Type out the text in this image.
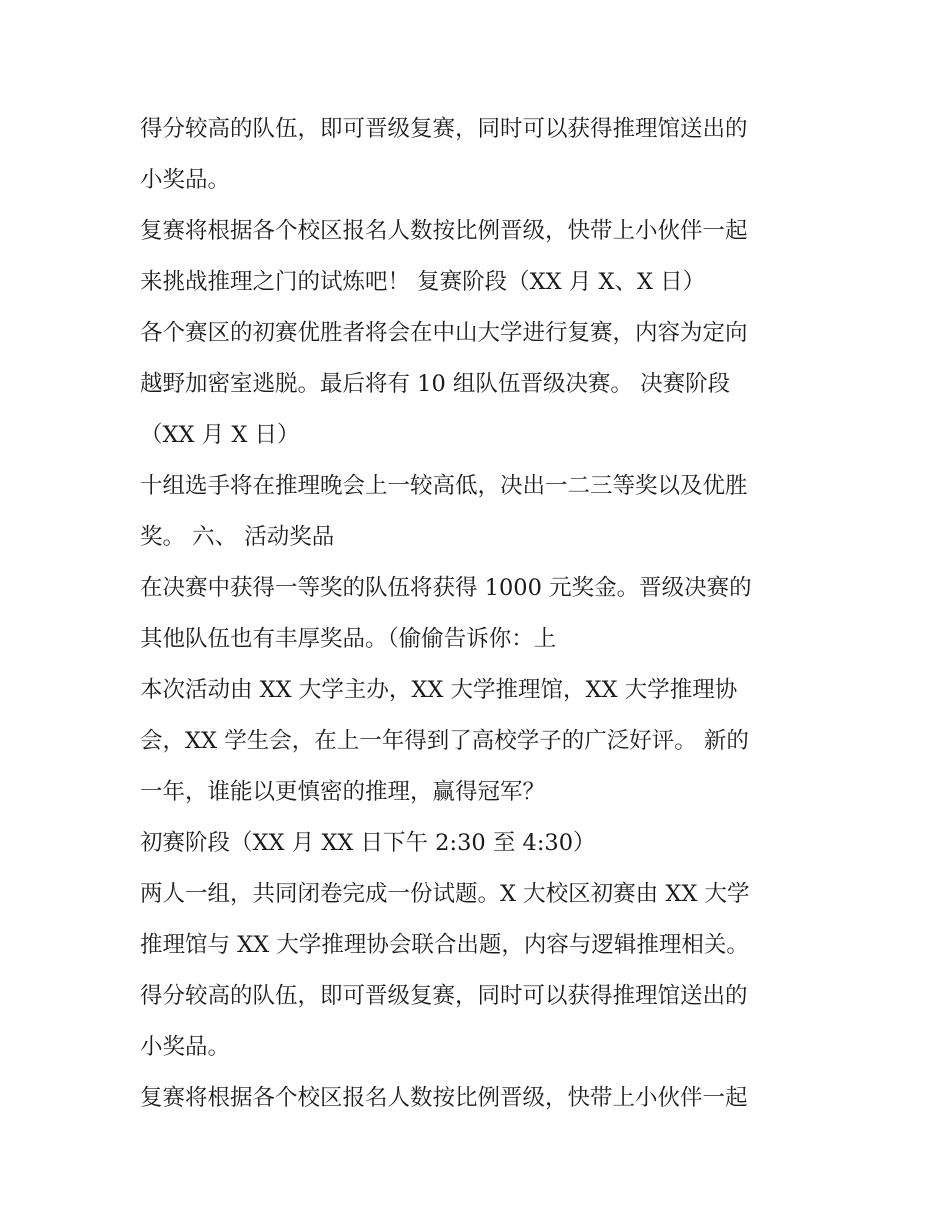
得分较高的队伍，即可晋级复赛，同时可以获得推理馆送出的
小奖品。
复赛将根据各个校区报名人数按比例晋级，快带上小伙伴一起
来挑战推理之门的试炼吧！ 复赛阶段（XX 月 X、X 日）
各个赛区的初赛优胜者将会在中山大学进行复赛，内容为定向
越野加密室逃脱。最后将有 10 组队伍晋级决赛。 决赛阶段
（XX 月 X 日）
十组选手将在推理晚会上一较高低，决出一二三等奖以及优胜
奖。 六、 活动奖品
在决赛中获得一等奖的队伍将获得 1000 元奖金。晋级决赛的
其他队伍也有丰厚奖品。（偷偷告诉你：上
本次活动由 XX 大学主办，XX 大学推理馆，XX 大学推理协
会，XX 学生会，在上一年得到了高校学子的广泛好评。 新的
一年，谁能以更慎密的推理，赢得冠军？
初赛阶段（XX 月 XX 日下午 2:30 至 4:30）
两人一组，共同闭卷完成一份试题。X 大校区初赛由 XX 大学
推理馆与 XX 大学推理协会联合出题，内容与逻辑推理相关。
得分较高的队伍，即可晋级复赛，同时可以获得推理馆送出的
小奖品。
复赛将根据各个校区报名人数按比例晋级，快带上小伙伴一起
